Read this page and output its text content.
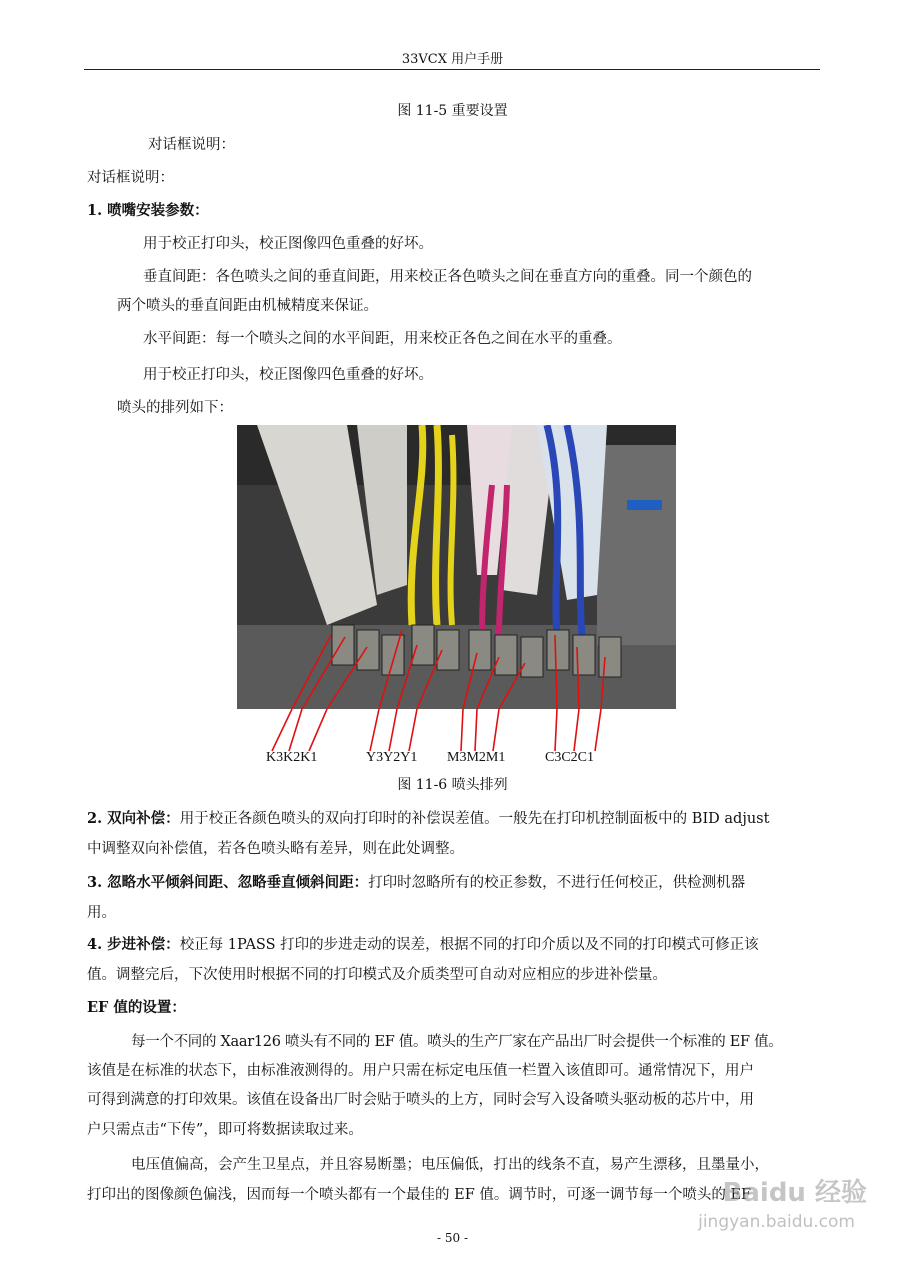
33VCX 用户手册
图 11-5 重要设置
对话框说明：
对话框说明：
1. 喷嘴安装参数：
用于校正打印头，校正图像四色重叠的好坏。
垂直间距：各色喷头之间的垂直间距，用来校正各色喷头之间在垂直方向的重叠。同一个颜色的
两个喷头的垂直间距由机械精度来保证。
水平间距：每一个喷头之间的水平间距，用来校正各色之间在水平的重叠。
用于校正打印头，校正图像四色重叠的好坏。
喷头的排列如下：
K3K2K1	Y3Y2Y1 M3M2M1	C3C2C1
图 11-6 喷头排列
2. 双向补偿：用于校正各颜色喷头的双向打印时的补偿误差值。一般先在打印机控制面板中的 BID adjust
中调整双向补偿值，若各色喷头略有差异，则在此处调整。
3. 忽略水平倾斜间距、忽略垂直倾斜间距：打印时忽略所有的校正参数，不进行任何校正，供检测机器
用。
4. 步进补偿：校正每 1PASS 打印的步进走动的误差，根据不同的打印介质以及不同的打印模式可修正该
值。调整完后，下次使用时根据不同的打印模式及介质类型可自动对应相应的步进补偿量。
EF 值的设置：
每一个不同的 Xaar126 喷头有不同的 EF 值。喷头的生产厂家在产品出厂时会提供一个标准的 EF 值。
该值是在标准的状态下，由标准液测得的。用户只需在标定电压值一栏置入该值即可。通常情况下，用户
可得到满意的打印效果。该值在设备出厂时会贴于喷头的上方，同时会写入设备喷头驱动板的芯片中，用
户只需点击“下传”，即可将数据读取过来。
电压值偏高，会产生卫星点，并且容易断墨；电压偏低，打出的线条不直，易产生漂移，且墨量小，
打印出的图像颜色偏浅，因而每一个喷头都有一个最佳的 EF 值。调节时，可逐一调节每一个喷头的 EF
- 50 -
Baidu 经验
jingyan.baidu.com
